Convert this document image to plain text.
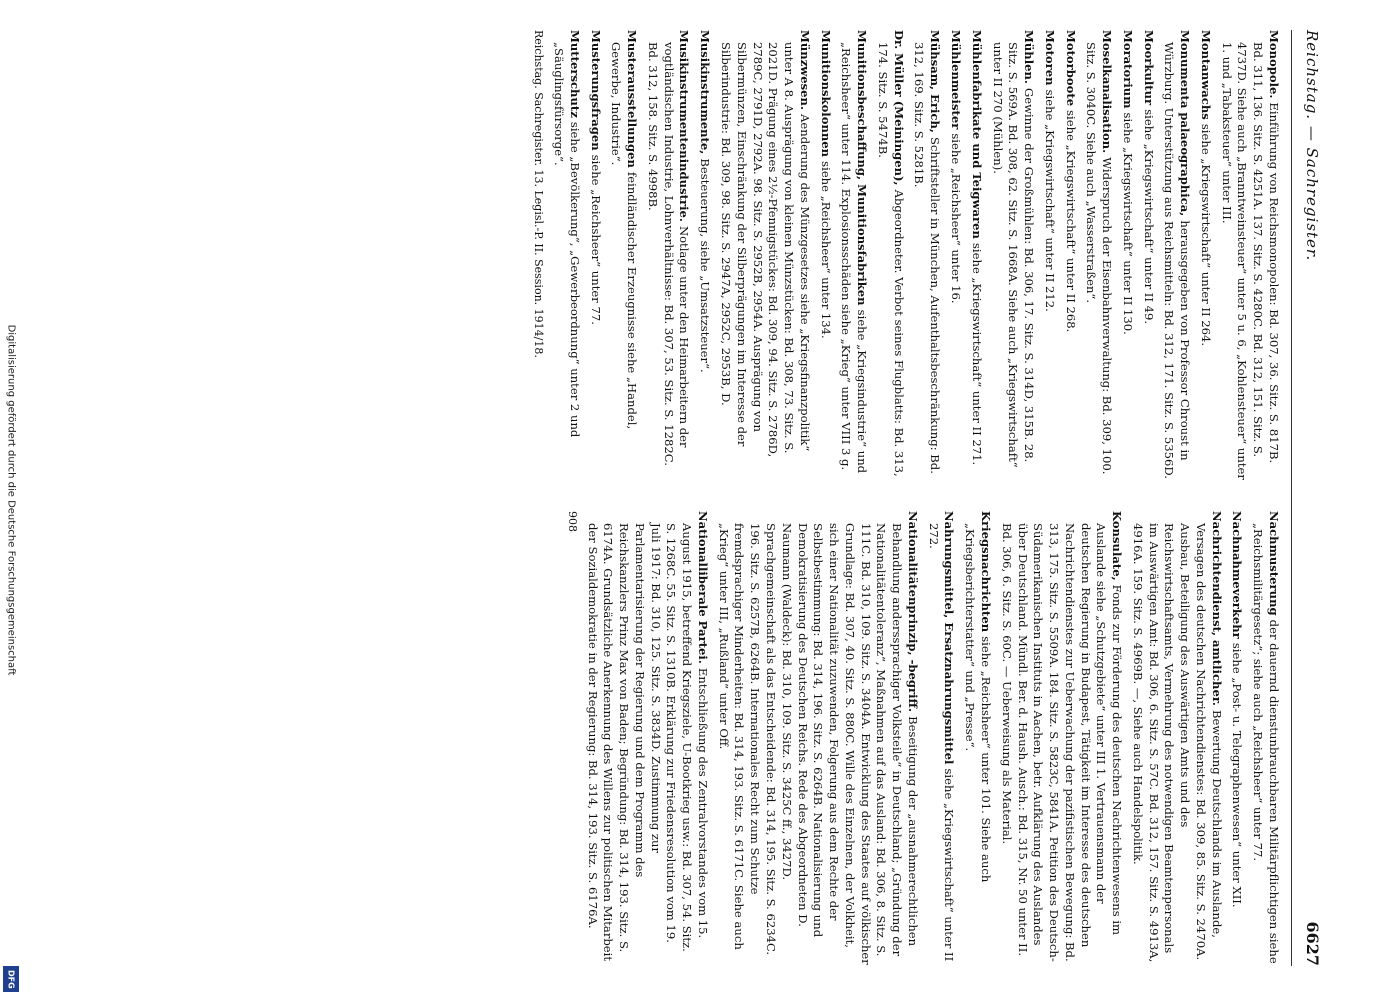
Digitalisierung gefördert durch die Deutsche Forschungsgemeinschaft
DFG
Reichstag. — Sachregister.
6627

Monopole. Einführung von Reichsmonopolen: Bd. 307, 36. Sitz. S. 817B. Bd. 311, 136. Sitz. S. 4251A. 137. Sitz. S. 4280C. Bd. 312, 151. Sitz. S. 4737D. Siehe auch „Branntweinsteuer“ unter 5 u. 6, „Kohlensteuer“ unter 1. und „Tabaksteuer“ unter III.

Montanwachs siehe „Kriegswirtschaft“ unter II 264.

Monumenta palaeographica, herausgegeben von Professor Chroust in Würzburg. Unterstützung aus Reichsmitteln: Bd. 312, 171. Sitz. S. 5356D.

Moorkultur siehe „Kriegswirtschaft“ unter II 49.

Moratorium siehe „Kriegswirtschaft“ unter II 130.

Moselkanalisation. Widerspruch der Eisenbahnverwaltung: Bd. 309, 100. Sitz. S. 3040C. Siehe auch „Wasserstraßen“.

Motorboote siehe „Kriegswirtschaft“ unter II 268.

Motoren siehe „Kriegswirtschaft“ unter II 212.

Mühlen. Gewinne der Großmühlen: Bd. 306, 17. Sitz. S. 314D, 315B. 28. Sitz. S. 569A. Bd. 308, 62. Sitz. S. 1668A. Siehe auch „Kriegswirtschaft“ unter II 270 (Mühlen).

Mühlenfabrikate und Teigwaren siehe „Kriegswirtschaft“ unter II 271.

Mühlenmeister siehe „Reichsheer“ unter 16.

Mühsam, Erich, Schriftsteller in München, Aufenthaltsbeschränkung: Bd. 312, 169. Sitz. S. 5281B.

Dr. Müller (Meiningen), Abgeordneter. Verbot seines Flugblatts: Bd. 313, 174. Sitz. S. 5474B.

Munitionsbeschaffung, Munitionsfabriken siehe „Kriegsindustrie“ und „Reichsheer“ unter 114. Explosionsschäden siehe „Krieg“ unter VIII 3 g.

Munitionskolonnen siehe „Reichsheer“ unter 134.

Münzwesen. Aenderung des Münzgesetzes siehe „Kriegsfinanzpolitik“ unter A 8. Ausprägung von kleinen Münzstücken: Bd. 308, 73. Sitz. S. 2021D. Prägung eines 2½-Pfennigstückes: Bd. 309, 94. Sitz. S. 2786D, 2789C, 2791D, 2792A. 98. Sitz. S. 2952B, 2954A. Ausprägung von Silbermünzen, Einschränkung der Silberprägungen im Interesse der Silberindustrie: Bd. 309, 98. Sitz. S. 2947A, 2952C, 2953B, D.

Musikinstrumente, Besteuerung, siehe „Umsatzsteuer“.

Musikinstrumentenindustrie. Notlage unter den Heimarbeitern der vogtländischen Industrie, Lohnverhältnisse: Bd. 307, 53. Sitz. S. 1282C. Bd. 312, 158. Sitz. S. 4998B.

Musterausstellungen feindländischer Erzeugnisse siehe „Handel, Gewerbe, Industrie“.

Musterungsfragen siehe „Reichsheer“ unter 77.

Mutterschutz siehe „Bevölkerung“, „Gewerbeordnung“ unter 2 und „Säuglingsfürsorge“.

Reichstag. Sachregister. 13. Legisl.-P. II. Session. 1914/18.

Nachmusterung der dauernd dienstunbrauchbaren Militärpflichtigen siehe „Reichsmilitärgesetz“; siehe auch „Reichsheer“ unter 77.

Nachnahmeverkehr siehe „Post- u. Telegraphenwesen“ unter XII.

Nachrichtendienst, amtlicher. Bewertung Deutschlands im Auslande, Versagen des deutschen Nachrichtendienstes: Bd. 309, 85. Sitz. S. 2470A. Ausbau, Beteiligung des Auswärtigen Amts und des Reichswirtschaftsamts, Vermehrung des notwendigen Beamtenpersonals im Auswärtigen Amt: Bd. 306, 6. Sitz. S. 57C. Bd. 312, 157. Sitz. S. 4913A, 4916A. 159. Sitz. S. 4969B. —, Siehe auch Handelspolitik.

Konsulate, Fonds zur Förderung des deutschen Nachrichtenwesens im Auslande siehe „Schutzgebiete“ unter III 1. Vertrauensmann der deutschen Regierung in Budapest, Tätigkeit im Interesse des deutschen Nachrichtendienstes zur Ueberwachung der pazifistischen Bewegung: Bd. 313, 175. Sitz. S. 5509A. 184. Sitz. S. 5823C, 5841A. Petition des Deutsch-Südamerikanischen Instituts in Aachen, betr. Aufklärung des Auslandes über Deutschland. Mündl. Ber. d. Haush. Ausch.: Bd. 315, Nr. 50 unter II. Bd. 306, 6. Sitz. S. 60C. — Ueberweisung als Material.

Kriegsnachrichten siehe „Reichsheer“ unter 101. Siehe auch „Kriegsberichterstatter“ und „Presse“.

Nahrungsmittel, Ersatznahrungsmittel siehe „Kriegswirtschaft“ unter II 272.

Nationalitätenprinzip, -begriff. Beseitigung der „ausnahmerechtlichen Behandlung anderssprachiger Volksteile“ in Deutschland; „Gründung der Nationalitätentoleranz“, Maßnahmen auf das Ausland: Bd. 306, 8. Sitz. S. 111C. Bd. 310, 109. Sitz. S. 3404A. Entwicklung des Staates auf völkischer Grundlage: Bd. 307, 40. Sitz. S. 880C. Wille des Einzelnen, der Volkheit, sich einer Nationalität zuzuwenden, Folgerung aus dem Rechte der Selbstbestimmung: Bd. 314, 196. Sitz. S. 6264B. Nationalisierung und Demokratisierung des Deutschen Reichs. Rede des Abgeordneten D. Naumann (Waldeck): Bd. 310, 109. Sitz. S. 3425C ff., 3427D. Sprachgemeinschaft als das Entscheidende: Bd. 314, 195. Sitz. S. 6234C. 196. Sitz. S. 6257B, 6264B. Internationales Recht zum Schutze fremdsprachiger Minderheiten: Bd. 314, 193. Sitz. S. 6171C. Siehe auch „Krieg“ unter III, „Rußland“ unter Off.

Nationalliberale Partei. Entschließung des Zentralvorstandes vom 15. August 1915, betreffend Kriegsziele, U-Bootkrieg usw.: Bd. 307, 54. Sitz. S. 1268C. 55. Sitz. S. 1310B. Erklärung zur Friedensresolution vom 19. Juli 1917: Bd. 310, 125. Sitz. S. 3834D. Zustimmung zur Parlamentarisierung der Regierung und dem Programm des Reichskanzlers Prinz Max von Baden; Begründung: Bd. 314, 193. Sitz. S. 6174A. Grundsätzliche Anerkennung des Willens zur politischen Mitarbeit der Sozialdemokratie in der Regierung: Bd. 314, 193. Sitz. S. 6176A.

908
